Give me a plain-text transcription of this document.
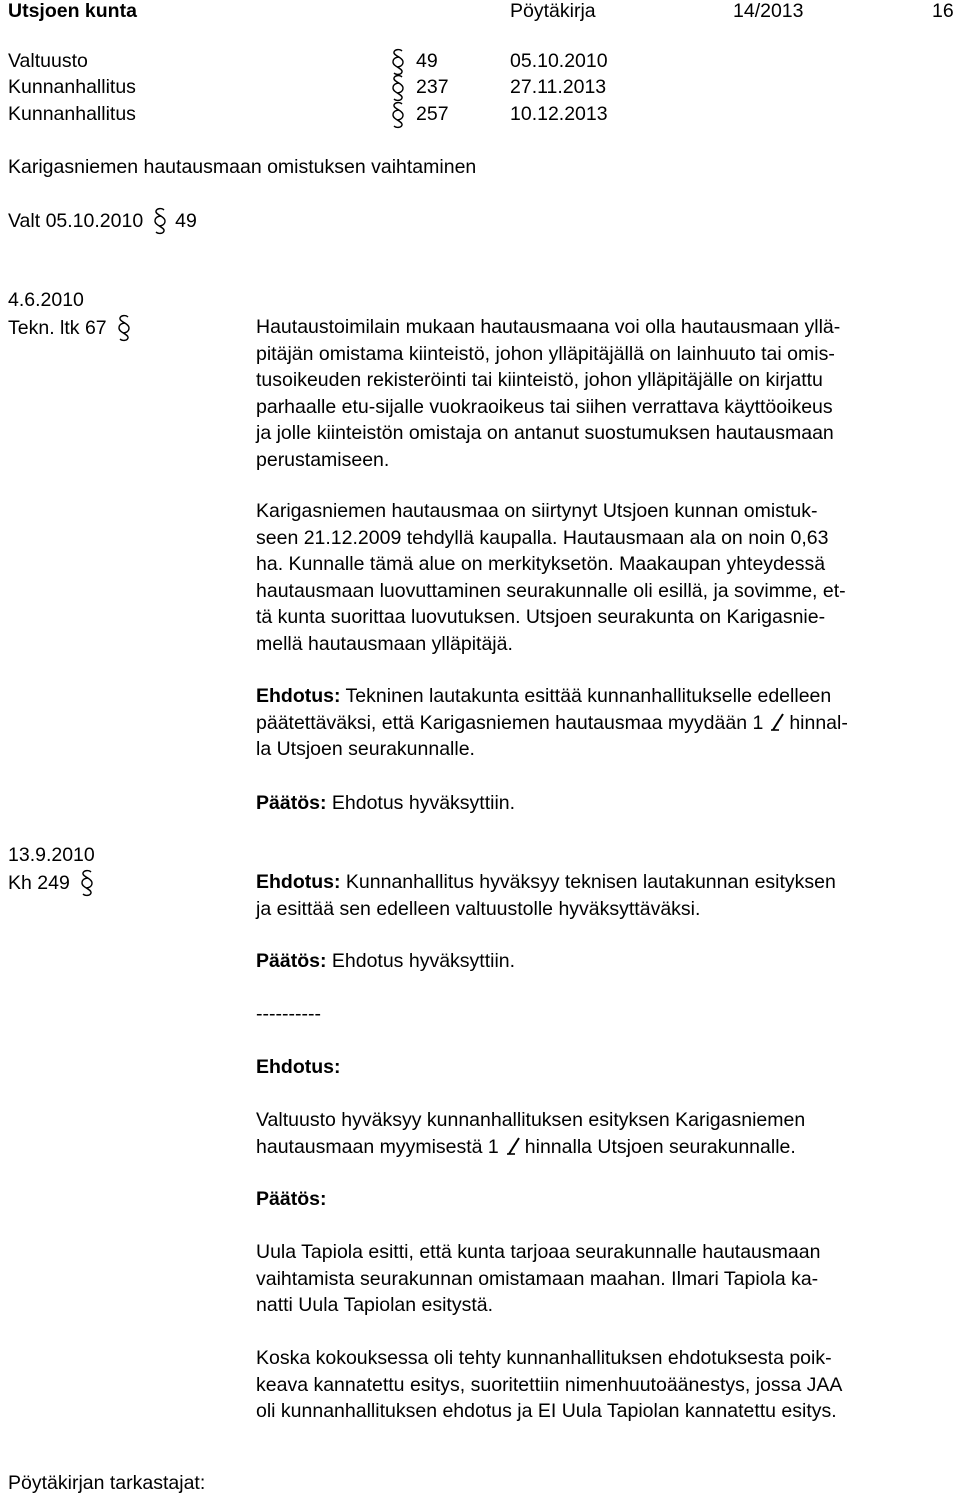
Utsjoen kunta	Pöytäkirja	14/2013	16
Valtuusto	49	05.10.2010
Kunnanhallitus	237	27.11.2013
Kunnanhallitus	257	10.12.2013
Karigasniemen hautausmaan omistuksen vaihtaminen
Valt 05.10.2010 49
4.6.2010
Tekn. ltk 67	Hautaustoimilain mukaan hautausmaana voi olla hautausmaan yllä-
pitäjän omistama kiinteistö, johon ylläpitäjällä on lainhuuto tai omis-
tusoikeuden rekisteröinti tai kiinteistö, johon ylläpitäjälle on kirjattu
parhaalle etu-sijalle vuokraoikeus tai siihen verrattava käyttöoikeus
ja jolle kiinteistön omistaja on antanut suostumuksen hautausmaan
perustamiseen.
Karigasniemen hautausmaa on siirtynyt Utsjoen kunnan omistuk-
seen 21.12.2009 tehdyllä kaupalla. Hautausmaan ala on noin 0,63
ha. Kunnalle tämä alue on merkityksetön. Maakaupan yhteydessä
hautausmaan luovuttaminen seurakunnalle oli esillä, ja sovimme, et-
tä kunta suorittaa luovutuksen. Utsjoen seurakunta on Karigasnie-
mellä hautausmaan ylläpitäjä.
Ehdotus: Tekninen lautakunta esittää kunnanhallitukselle edelleen
päätettäväksi, että Karigasniemen hautausmaa myydään 1 hinnal-
la Utsjoen seurakunnalle.
Päätös: Ehdotus hyväksyttiin.
13.9.2010
Kh 249	Ehdotus: Kunnanhallitus hyväksyy teknisen lautakunnan esityksen
ja esittää sen edelleen valtuustolle hyväksyttäväksi.
Päätös: Ehdotus hyväksyttiin.
----------
Ehdotus:
Valtuusto hyväksyy kunnanhallituksen esityksen Karigasniemen
hautausmaan myymisestä 1 hinnalla Utsjoen seurakunnalle.
Päätös:
Uula Tapiola esitti, että kunta tarjoaa seurakunnalle hautausmaan
vaihtamista seurakunnan omistamaan maahan. Ilmari Tapiola ka-
natti Uula Tapiolan esitystä.
Koska kokouksessa oli tehty kunnanhallituksen ehdotuksesta poik-
keava kannatettu esitys, suoritettiin nimenhuutoäänestys, jossa JAA
oli kunnanhallituksen ehdotus ja EI Uula Tapiolan kannatettu esitys.
Pöytäkirjan tarkastajat:
